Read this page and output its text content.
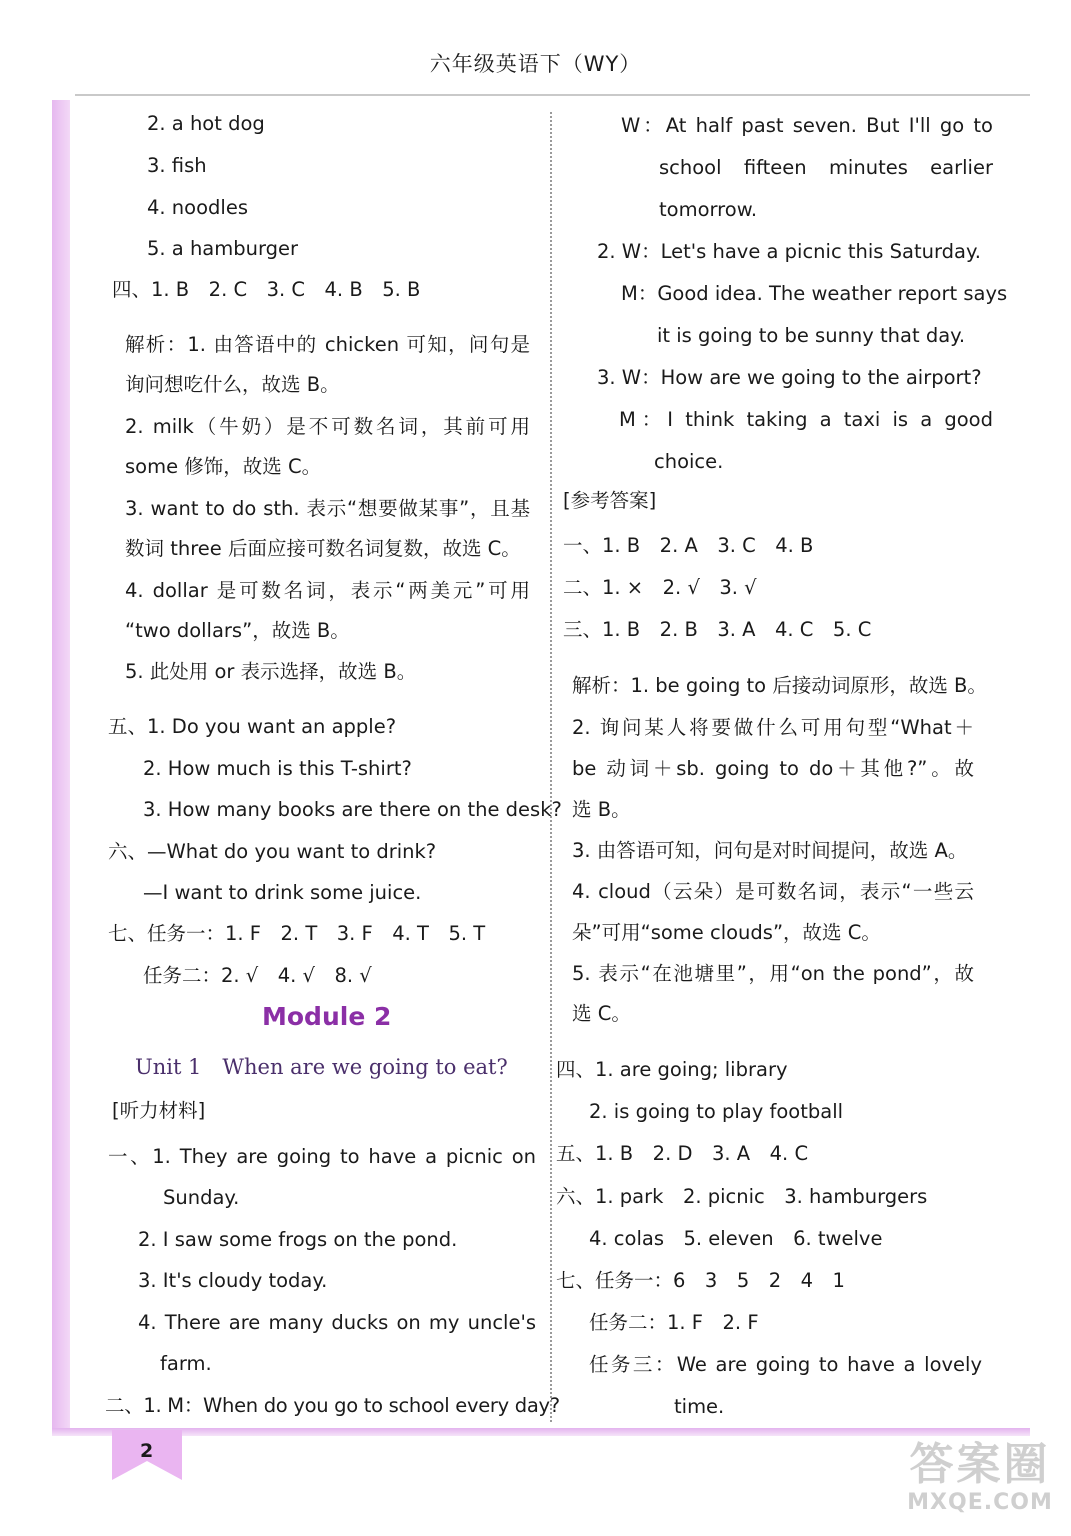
六年级英语下（WY）
2. a hot dog
3. fish
4. noodles
5. a hamburger
四、1. B　2. C　3. C　4. B　5. B
解析：1. 由答语中的 chicken 可知，问句是
询问想吃什么，故选 B。
2. milk（牛奶）是不可数名词，其前可用
some 修饰，故选 C。
3. want to do sth. 表示“想要做某事”，且基
数词 three 后面应接可数名词复数，故选 C。
4. dollar 是可数名词，表示“两美元”可用
“two dollars”，故选 B。
5. 此处用 or 表示选择，故选 B。
五、1. Do you want an apple?
2. How much is this T-shirt?
3. How many books are there on the desk?
六、—What do you want to drink?
—I want to drink some juice.
七、任务一：1. F　2. T　3. F　4. T　5. T
任务二：2. √　4. √　8. √
Module 2
Unit 1　When are we going to eat?
[听力材料]
一、1. They are going to have a picnic on
Sunday.
2. I saw some frogs on the pond.
3. It's cloudy today.
4. There are many ducks on my uncle's
farm.
二、1. M：When do you go to school every day?
W：At half past seven. But I'll go to
school fifteen minutes earlier
tomorrow.
2. W：Let's have a picnic this Saturday.
M：Good idea. The weather report says
it is going to be sunny that day.
3. W：How are we going to the airport?
M：I think taking a taxi is a good
choice.
[参考答案]
一、1. B　2. A　3. C　4. B
二、1. ×　2. √　3. √
三、1. B　2. B　3. A　4. C　5. C
解析：1. be going to 后接动词原形，故选 B。
2. 询问某人将要做什么可用句型“What＋
be 动词＋sb. going to do＋其他?”。故
选 B。
3. 由答语可知，问句是对时间提问，故选 A。
4. cloud（云朵）是可数名词，表示“一些云
朵”可用“some clouds”，故选 C。
5. 表示“在池塘里”，用“on the pond”，故
选 C。
四、1. are going; library
2. is going to play football
五、1. B　2. D　3. A　4. C
六、1. park　2. picnic　3. hamburgers
4. colas　5. eleven　6. twelve
七、任务一：6　3　5　2　4　1
任务二：1. F　2. F
任务三：We are going to have a lovely
time.
2	答案圈
MXQE.COM
